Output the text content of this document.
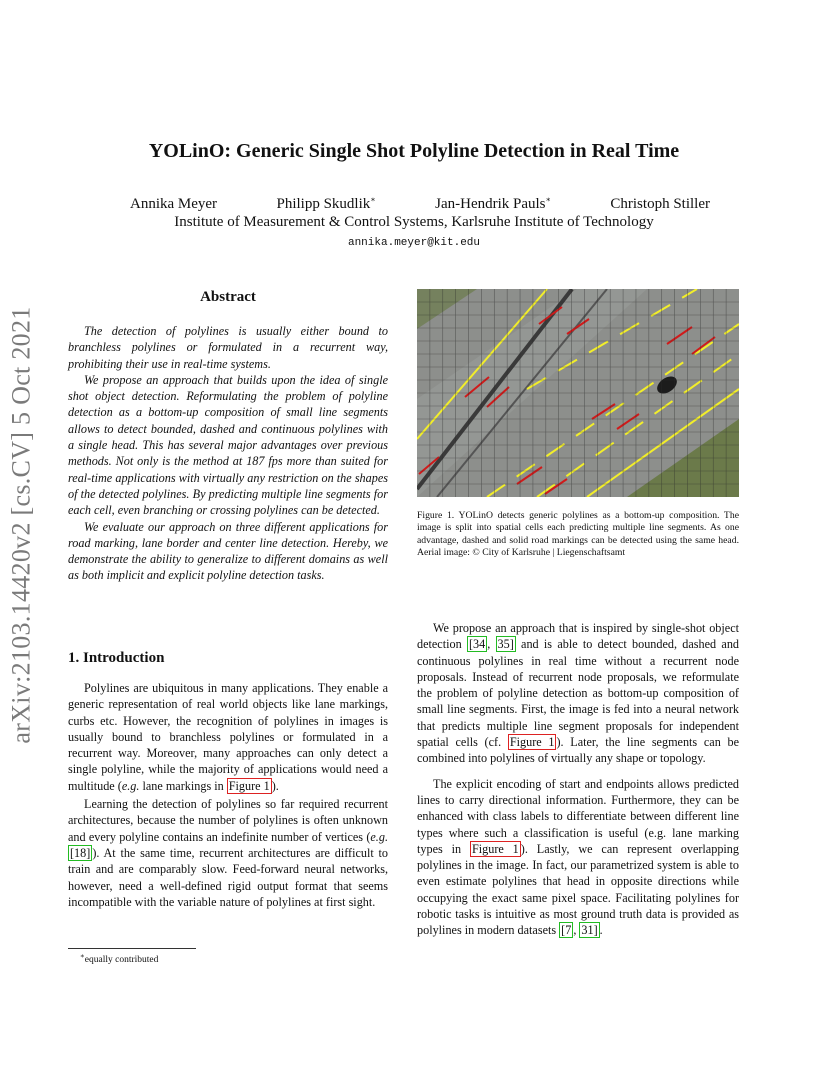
arXiv:2103.14420v2 [cs.CV] 5 Oct 2021
YOLinO: Generic Single Shot Polyline Detection in Real Time
Annika Meyer	Philipp Skudlik∗	Jan-Hendrik Pauls∗	Christoph Stiller
Institute of Measurement & Control Systems, Karlsruhe Institute of Technology
annika.meyer@kit.edu
Abstract

The detection of polylines is usually either bound to branchless polylines or formulated in a recurrent way, prohibiting their use in real-time systems.

We propose an approach that builds upon the idea of single shot object detection. Reformulating the problem of polyline detection as a bottom-up composition of small line segments allows to detect bounded, dashed and continuous polylines with a single head. This has several major advantages over previous methods. Not only is the method at 187 fps more than suited for real-time applications with virtually any restriction on the shapes of the detected polylines. By predicting multiple line segments for each cell, even branching or crossing polylines can be detected.

We evaluate our approach on three different applications for road marking, lane border and center line detection. Hereby, we demonstrate the ability to generalize to different domains as well as both implicit and explicit polyline detection tasks.

1. Introduction

Polylines are ubiquitous in many applications. They enable a generic representation of real world objects like lane markings, curbs etc. However, the recognition of polylines in images is usually bound to branchless polylines or formulated in a recurrent way. Moreover, many approaches can only detect a single polyline, while the majority of applications would need a multitude (e.g. lane markings in Figure 1 ).

Learning the detection of polylines so far required recurrent architectures, because the number of polylines is often unknown and every polyline contains an indefinite number of vertices (e.g. [18] ). At the same time, recurrent architectures are difficult to train and are comparably slow. Feed-forward neural networks, however, need a well-defined rigid output format that seems incompatible with the variable nature of polylines at first sight.

∗equally contributed
Figure 1. YOLinO detects generic polylines as a bottom-up composition. The image is split into spatial cells each predicting multiple line segments. As one advantage, dashed and solid road markings can be detected using the same head. Aerial image: © City of Karlsruhe | Liegenschaftsamt

We propose an approach that is inspired by single-shot object detection [34 , 35] and is able to detect bounded, dashed and continuous polylines in real time without a recurrent node proposals. Instead of recurrent node proposals, we reformulate the problem of polyline detection as bottom-up composition of small line segments. First, the image is fed into a neural network that predicts multiple line segment proposals for independent spatial cells (cf. Figure 1 ). Later, the line segments can be combined into polylines of virtually any shape or topology.

The explicit encoding of start and endpoints allows predicted lines to carry directional information. Furthermore, they can be enhanced with class labels to differentiate between different line types where such a classification is useful (e.g. lane marking types in Figure 1 ). Lastly, we can represent overlapping polylines in the image. In fact, our parametrized system is able to even estimate polylines that head in opposite directions while occupying the exact same pixel space. Facilitating polylines for robotic tasks is intuitive as most ground truth data is provided as polylines in modern datasets [7 , 31] .
